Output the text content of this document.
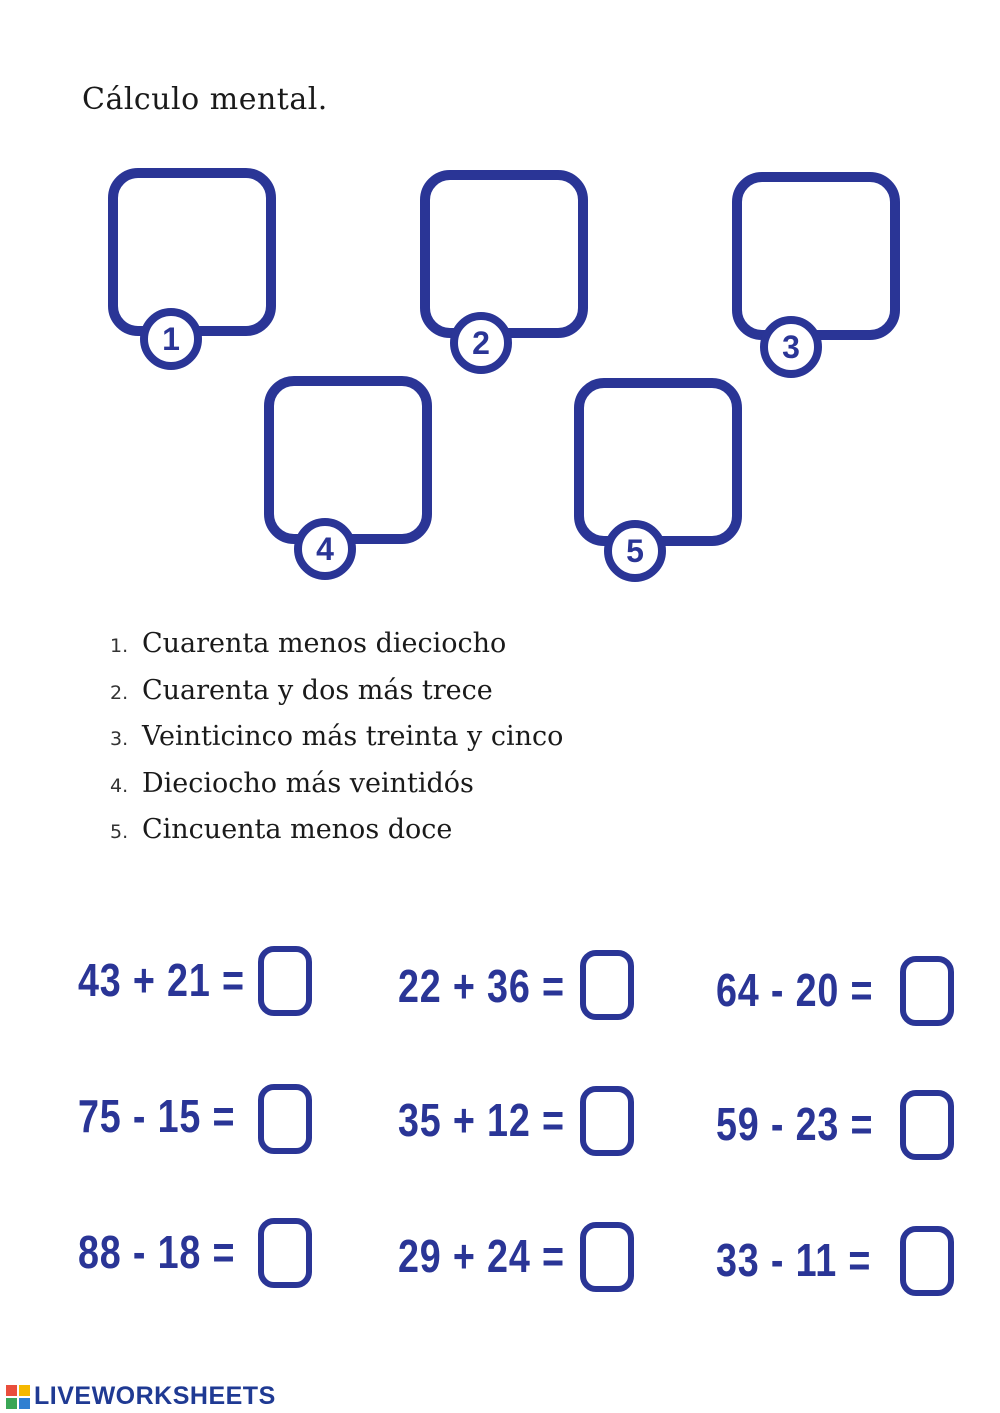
Cálculo mental.
1	2	3
4	5
1. Cuarenta menos dieciocho
2. Cuarenta y dos más trece
3. Veinticinco más treinta y cinco
4. Dieciocho más veintidós
5. Cincuenta menos doce
43 + 21 =	22 + 36 =	64 - 20 =
75 - 15 =	35 + 12 =	59 - 23 =
88 - 18 =	29 + 24 =	33 - 11 =
LIVEWORKSHEETS
